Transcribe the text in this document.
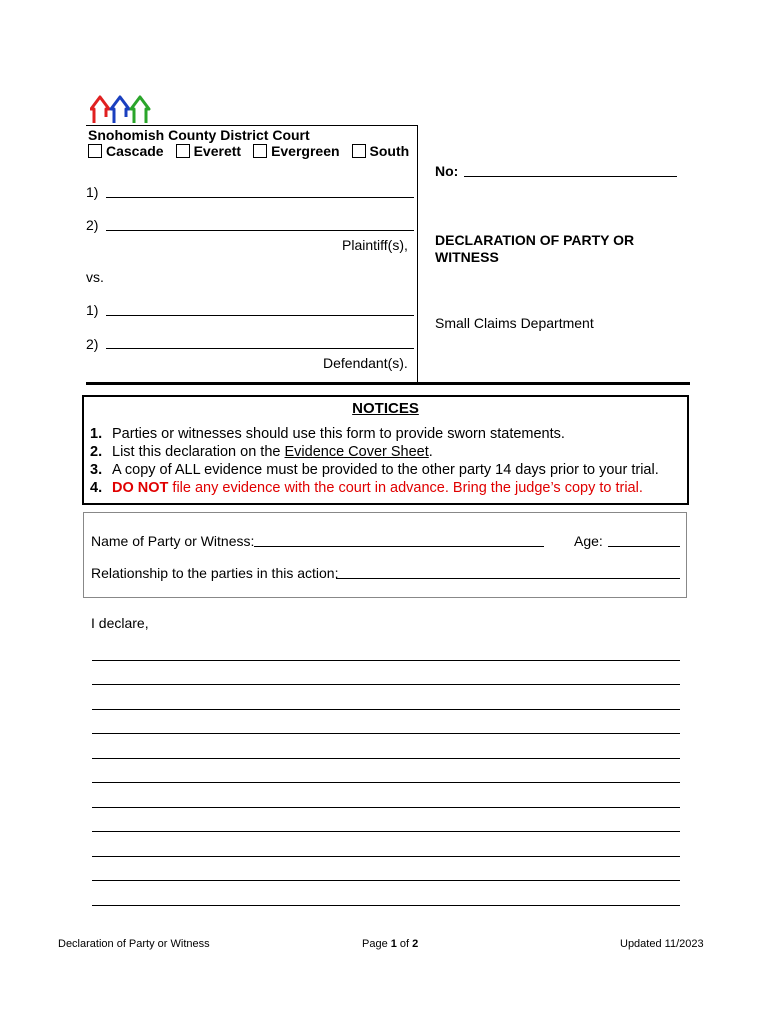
Snohomish County District Court
Cascade Everett Evergreen South
1)
2)
Plaintiff(s),
vs.
1)
2)
Defendant(s).
No:
DECLARATION OF PARTY OR
WITNESS
Small Claims Department
NOTICES
1. Parties or witnesses should use this form to provide sworn statements.
2. List this declaration on the Evidence Cover Sheet.
3. A copy of ALL evidence must be provided to the other party 14 days prior to your trial.
4. DO NOT file any evidence with the court in advance. Bring the judge’s copy to trial.
Name of Party or Witness:	Age:
Relationship to the parties in this action:
I declare,
Declaration of Party or Witness	Page 1 of 2	Updated 11/2023
